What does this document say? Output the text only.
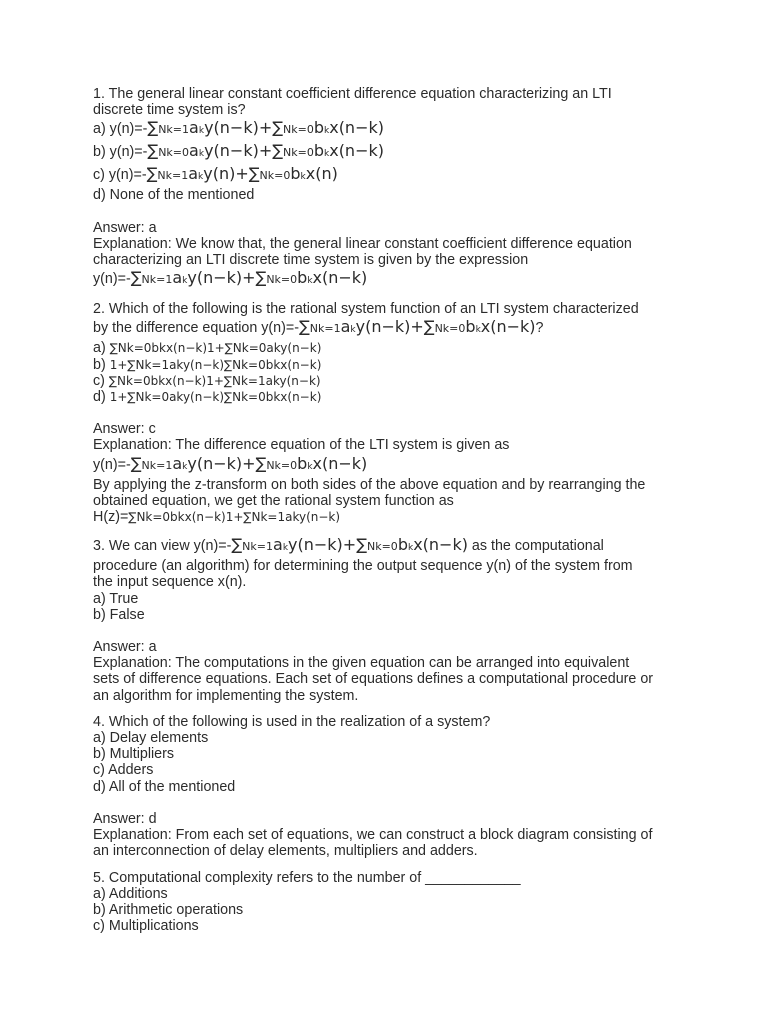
1. The general linear constant coefficient difference equation characterizing an LTI
discrete time system is?
a) y(n)=-∑Nk=1aky(n−k)+∑Nk=0bkx(n−k)
b) y(n)=-∑Nk=0aky(n−k)+∑Nk=0bkx(n−k)
c) y(n)=-∑Nk=1aky(n)+∑Nk=0bkx(n)
d) None of the mentioned
Answer: a
Explanation: We know that, the general linear constant coefficient difference equation
characterizing an LTI discrete time system is given by the expression
y(n)=-∑Nk=1aky(n−k)+∑Nk=0bkx(n−k)
2. Which of the following is the rational system function of an LTI system characterized
by the difference equation y(n)=-∑Nk=1aky(n−k)+∑Nk=0bkx(n−k)?
a) ∑Nk=0bkx(n−k)1+∑Nk=0aky(n−k)
b) 1+∑Nk=1aky(n−k)∑Nk=0bkx(n−k)
c) ∑Nk=0bkx(n−k)1+∑Nk=1aky(n−k)
d) 1+∑Nk=0aky(n−k)∑Nk=0bkx(n−k)
Answer: c
Explanation: The difference equation of the LTI system is given as
y(n)=-∑Nk=1aky(n−k)+∑Nk=0bkx(n−k)
By applying the z-transform on both sides of the above equation and by rearranging the
obtained equation, we get the rational system function as
H(z)=∑Nk=0bkx(n−k)1+∑Nk=1aky(n−k)
3. We can view y(n)=-∑Nk=1aky(n−k)+∑Nk=0bkx(n−k) as the computational
procedure (an algorithm) for determining the output sequence y(n) of the system from
the input sequence x(n).
a) True
b) False
Answer: a
Explanation: The computations in the given equation can be arranged into equivalent
sets of difference equations. Each set of equations defines a computational procedure or
an algorithm for implementing the system.
4. Which of the following is used in the realization of a system?
a) Delay elements
b) Multipliers
c) Adders
d) All of the mentioned
Answer: d
Explanation: From each set of equations, we can construct a block diagram consisting of
an interconnection of delay elements, multipliers and adders.
5. Computational complexity refers to the number of ____________
a) Additions
b) Arithmetic operations
c) Multiplications
